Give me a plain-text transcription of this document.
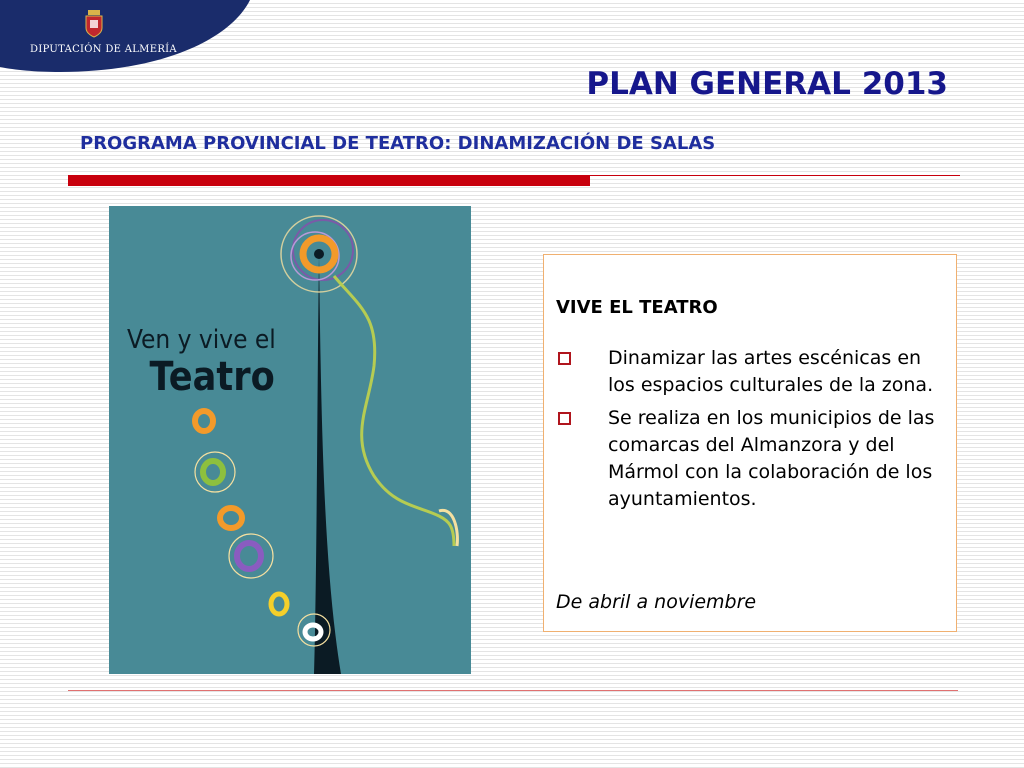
DIPUTACIÓN DE ALMERÍA
PLAN GENERAL 2013
PROGRAMA PROVINCIAL DE TEATRO: DINAMIZACIÓN DE SALAS
Ven y vive el
Teatro
VIVE EL TEATRO
Dinamizar las artes escénicas en los espacios culturales de la zona.
Se realiza en los municipios de las comarcas del Almanzora y del Mármol con la colaboración de los ayuntamientos.

De abril a noviembre
